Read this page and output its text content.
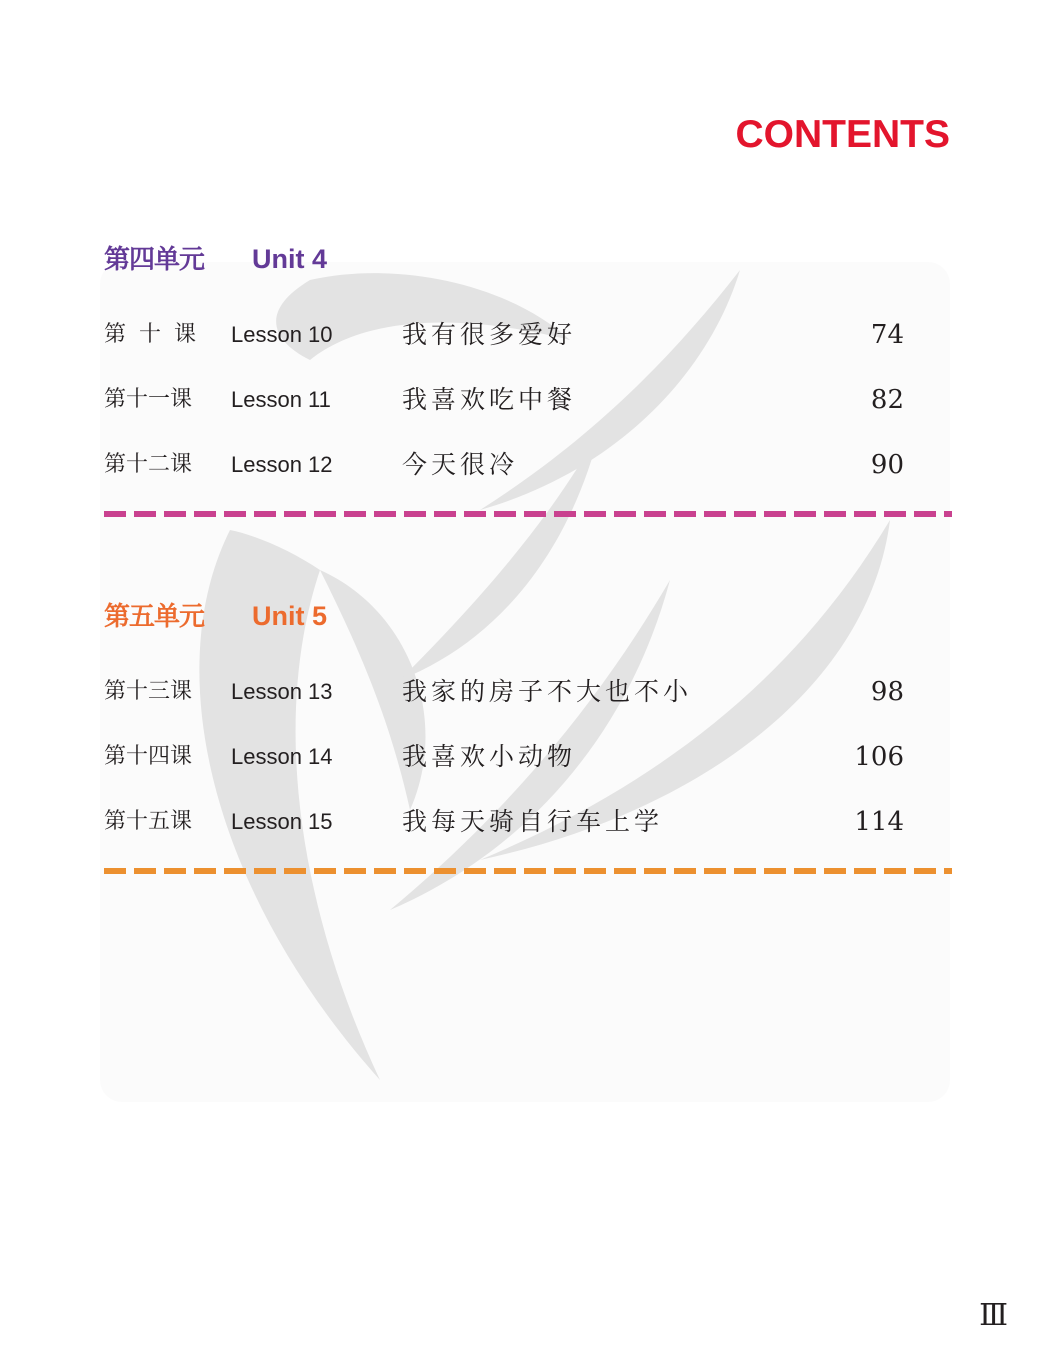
CONTENTS
第四单元 Unit 4
第十课 Lesson 10	我有很多爱好	74
第十一课 Lesson 11	我喜欢吃中餐	82
第十二课 Lesson 12	今天很冷	90
第五单元 Unit 5
第十三课 Lesson 13	我家的房子不大也不小	98
第十四课 Lesson 14	我喜欢小动物	106
第十五课 Lesson 15	我每天骑自行车上学	114
Ⅲ
